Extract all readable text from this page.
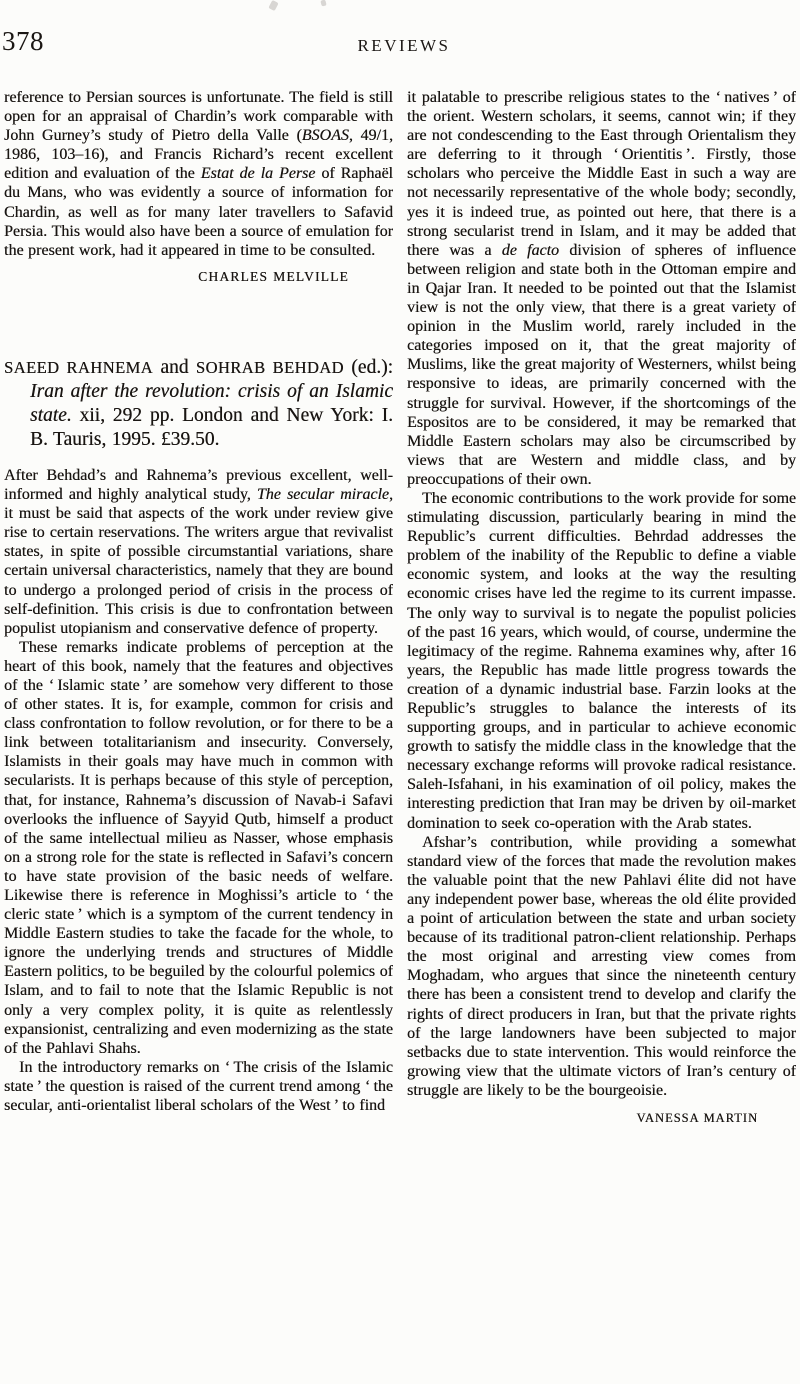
378	REVIEWS

reference to Persian sources is unfortunate. The field is still open for an appraisal of Chardin’s work comparable with John Gurney’s study of Pietro della Valle (BSOAS, 49/1, 1986, 103–16), and Francis Richard’s recent excellent edition and evaluation of the Estat de la Perse of Raphaël du Mans, who was evidently a source of information for Chardin, as well as for many later travellers to Safavid Persia. This would also have been a source of emulation for the present work, had it appeared in time to be consulted.

CHARLES MELVILLE

SAEED RAHNEMA and SOHRAB BEHDAD (ed.): Iran after the revolution: crisis of an Islamic state. xii, 292 pp. London and New York: I. B. Tauris, 1995. £39.50.

After Behdad’s and Rahnema’s previous excellent, well-informed and highly analytical study, The secular miracle, it must be said that aspects of the work under review give rise to certain reservations. The writers argue that revivalist states, in spite of possible circumstantial variations, share certain universal characteristics, namely that they are bound to undergo a prolonged period of crisis in the process of self-definition. This crisis is due to confrontation between populist utopianism and conservative defence of property.

These remarks indicate problems of perception at the heart of this book, namely that the features and objectives of the ‘ Islamic state ’ are somehow very different to those of other states. It is, for example, common for crisis and class confrontation to follow revolution, or for there to be a link between totalitarianism and insecurity. Conversely, Islamists in their goals may have much in common with secularists. It is perhaps because of this style of perception, that, for instance, Rahnema’s discussion of Navab-i Safavi overlooks the influence of Sayyid Qutb, himself a product of the same intellectual milieu as Nasser, whose emphasis on a strong role for the state is reflected in Safavi’s concern to have state provision of the basic needs of welfare. Likewise there is reference in Moghissi’s article to ‘ the cleric state ’ which is a symptom of the current tendency in Middle Eastern studies to take the facade for the whole, to ignore the underlying trends and structures of Middle Eastern politics, to be beguiled by the colourful polemics of Islam, and to fail to note that the Islamic Republic is not only a very complex polity, it is quite as relentlessly expansionist, centralizing and even modernizing as the state of the Pahlavi Shahs.

In the introductory remarks on ‘ The crisis of the Islamic state ’ the question is raised of the current trend among ‘ the secular, anti-orientalist liberal scholars of the West ’ to find

it palatable to prescribe religious states to the ‘ natives ’ of the orient. Western scholars, it seems, cannot win; if they are not condescending to the East through Orientalism they are deferring to it through ‘ Orientitis ’. Firstly, those scholars who perceive the Middle East in such a way are not necessarily representative of the whole body; secondly, yes it is indeed true, as pointed out here, that there is a strong secularist trend in Islam, and it may be added that there was a de facto division of spheres of influence between religion and state both in the Ottoman empire and in Qajar Iran. It needed to be pointed out that the Islamist view is not the only view, that there is a great variety of opinion in the Muslim world, rarely included in the categories imposed on it, that the great majority of Muslims, like the great majority of Westerners, whilst being responsive to ideas, are primarily concerned with the struggle for survival. However, if the shortcomings of the Espositos are to be considered, it may be remarked that Middle Eastern scholars may also be circumscribed by views that are Western and middle class, and by preoccupations of their own.

The economic contributions to the work provide for some stimulating discussion, particularly bearing in mind the Republic’s current difficulties. Behrdad addresses the problem of the inability of the Republic to define a viable economic system, and looks at the way the resulting economic crises have led the regime to its current impasse. The only way to survival is to negate the populist policies of the past 16 years, which would, of course, undermine the legitimacy of the regime. Rahnema examines why, after 16 years, the Republic has made little progress towards the creation of a dynamic industrial base. Farzin looks at the Republic’s struggles to balance the interests of its supporting groups, and in particular to achieve economic growth to satisfy the middle class in the knowledge that the necessary exchange reforms will provoke radical resistance. Saleh-Isfahani, in his examination of oil policy, makes the interesting prediction that Iran may be driven by oil-market domination to seek co-operation with the Arab states.

Afshar’s contribution, while providing a somewhat standard view of the forces that made the revolution makes the valuable point that the new Pahlavi élite did not have any independent power base, whereas the old élite provided a point of articulation between the state and urban society because of its traditional patron-client relationship. Perhaps the most original and arresting view comes from Moghadam, who argues that since the nineteenth century there has been a consistent trend to develop and clarify the rights of direct producers in Iran, but that the private rights of the large landowners have been subjected to major setbacks due to state intervention. This would reinforce the growing view that the ultimate victors of Iran’s century of struggle are likely to be the bourgeoisie.

VANESSA MARTIN
